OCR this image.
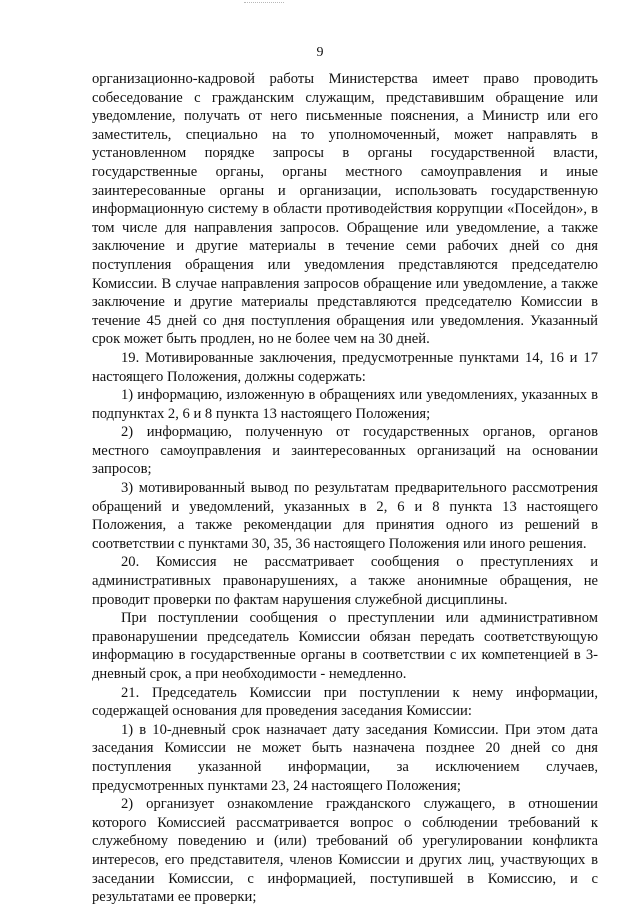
9

организационно-кадровой работы Министерства имеет право проводить собеседование с гражданским служащим, представившим обращение или уведомление, получать от него письменные пояснения, а Министр или его заместитель, специально на то уполномоченный, может направлять в установленном порядке запросы в органы государственной власти, государственные органы, органы местного самоуправления и иные заинтересованные органы и организации, использовать государственную информационную систему в области противодействия коррупции «Посейдон», в том числе для направления запросов. Обращение или уведомление, а также заключение и другие материалы в течение семи рабочих дней со дня поступления обращения или уведомления представляются председателю Комиссии. В случае направления запросов обращение или уведомление, а также заключение и другие материалы представляются председателю Комиссии в течение 45 дней со дня поступления обращения или уведомления. Указанный срок может быть продлен, но не более чем на 30 дней.

19. Мотивированные заключения, предусмотренные пунктами 14, 16 и 17 настоящего Положения, должны содержать:

1) информацию, изложенную в обращениях или уведомлениях, указанных в подпунктах 2, 6 и 8 пункта 13 настоящего Положения;

2) информацию, полученную от государственных органов, органов местного самоуправления и заинтересованных организаций на основании запросов;

3) мотивированный вывод по результатам предварительного рассмотрения обращений и уведомлений, указанных в 2, 6 и 8 пункта 13 настоящего Положения, а также рекомендации для принятия одного из решений в соответствии с пунктами 30, 35, 36 настоящего Положения или иного решения.

20. Комиссия не рассматривает сообщения о преступлениях и административных правонарушениях, а также анонимные обращения, не проводит проверки по фактам нарушения служебной дисциплины.

При поступлении сообщения о преступлении или административном правонарушении председатель Комиссии обязан передать соответствующую информацию в государственные органы в соответствии с их компетенцией в 3-дневный срок, а при необходимости - немедленно.

21. Председатель Комиссии при поступлении к нему информации, содержащей основания для проведения заседания Комиссии:

1) в 10-дневный срок назначает дату заседания Комиссии. При этом дата заседания Комиссии не может быть назначена позднее 20 дней со дня поступления указанной информации, за исключением случаев, предусмотренных пунктами 23, 24 настоящего Положения;

2) организует ознакомление гражданского служащего, в отношении которого Комиссией рассматривается вопрос о соблюдении требований к служебному поведению и (или) требований об урегулировании конфликта интересов, его представителя, членов Комиссии и других лиц, участвующих в заседании Комиссии, с информацией, поступившей в Комиссию, и с результатами ее проверки;
